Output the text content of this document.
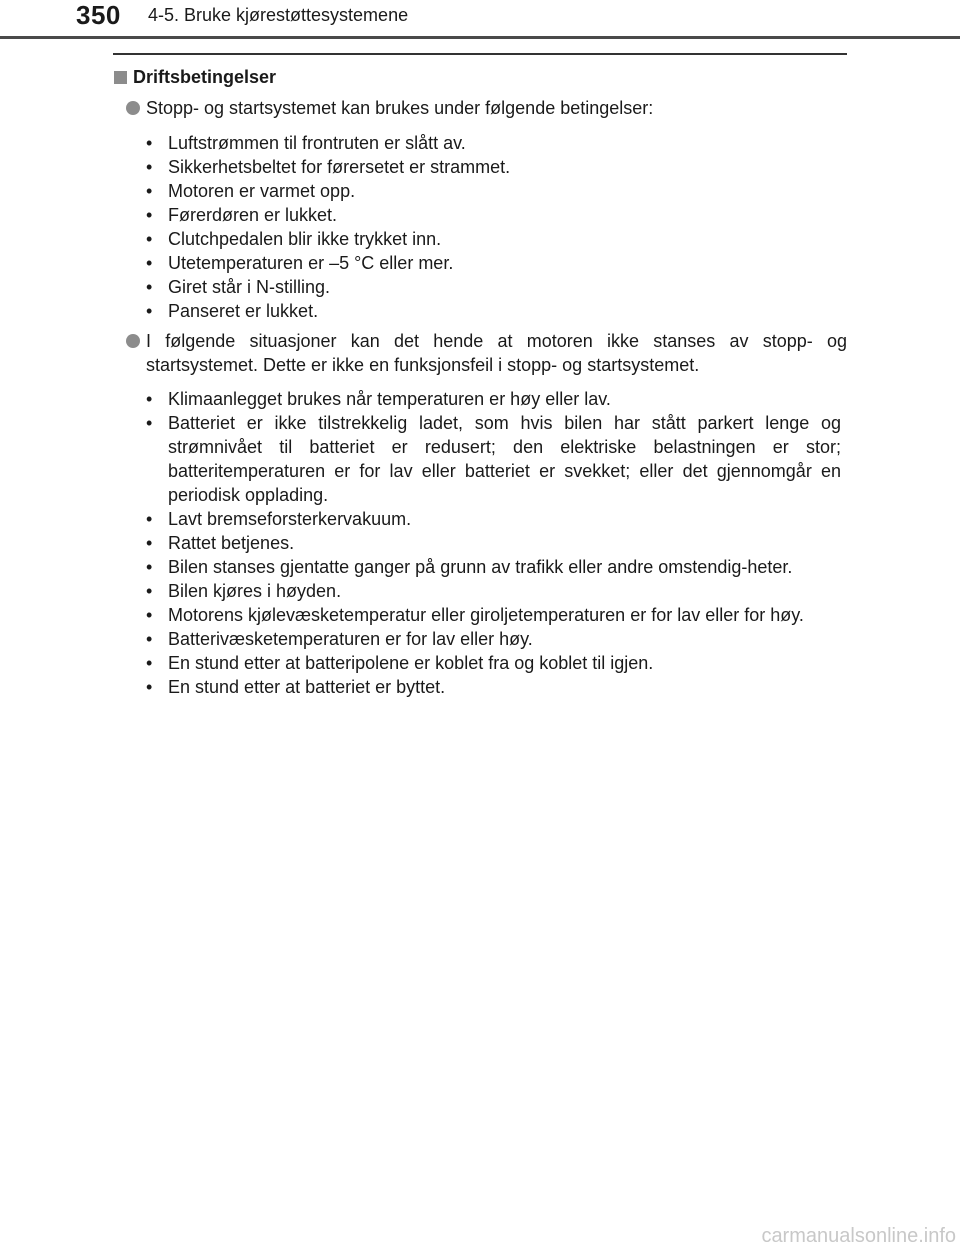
350 4-5. Bruke kjørestøttesystemene
Driftsbetingelser
Stopp- og startsystemet kan brukes under følgende betingelser:
• Luftstrømmen til frontruten er slått av.
• Sikkerhetsbeltet for førersetet er strammet.
• Motoren er varmet opp.
• Førerdøren er lukket.
• Clutchpedalen blir ikke trykket inn.
• Utetemperaturen er –5 °C eller mer.
• Giret står i N-stilling.
• Panseret er lukket.
I følgende situasjoner kan det hende at motoren ikke stanses av stopp- og startsystemet. Dette er ikke en funksjonsfeil i stopp- og startsystemet.
• Klimaanlegget brukes når temperaturen er høy eller lav.
• Batteriet er ikke tilstrekkelig ladet, som hvis bilen har stått parkert lenge og strømnivået til batteriet er redusert; den elektriske belastningen er stor; batteritemperaturen er for lav eller batteriet er svekket; eller det gjennomgår en periodisk opplading.
• Lavt bremseforsterkervakuum.
• Rattet betjenes.
• Bilen stanses gjentatte ganger på grunn av trafikk eller andre omstendig-heter.
• Bilen kjøres i høyden.
• Motorens kjølevæsketemperatur eller giroljetemperaturen er for lav eller for høy.
• Batterivæsketemperaturen er for lav eller høy.
• En stund etter at batteripolene er koblet fra og koblet til igjen.
• En stund etter at batteriet er byttet.
carmanualsonline.info
